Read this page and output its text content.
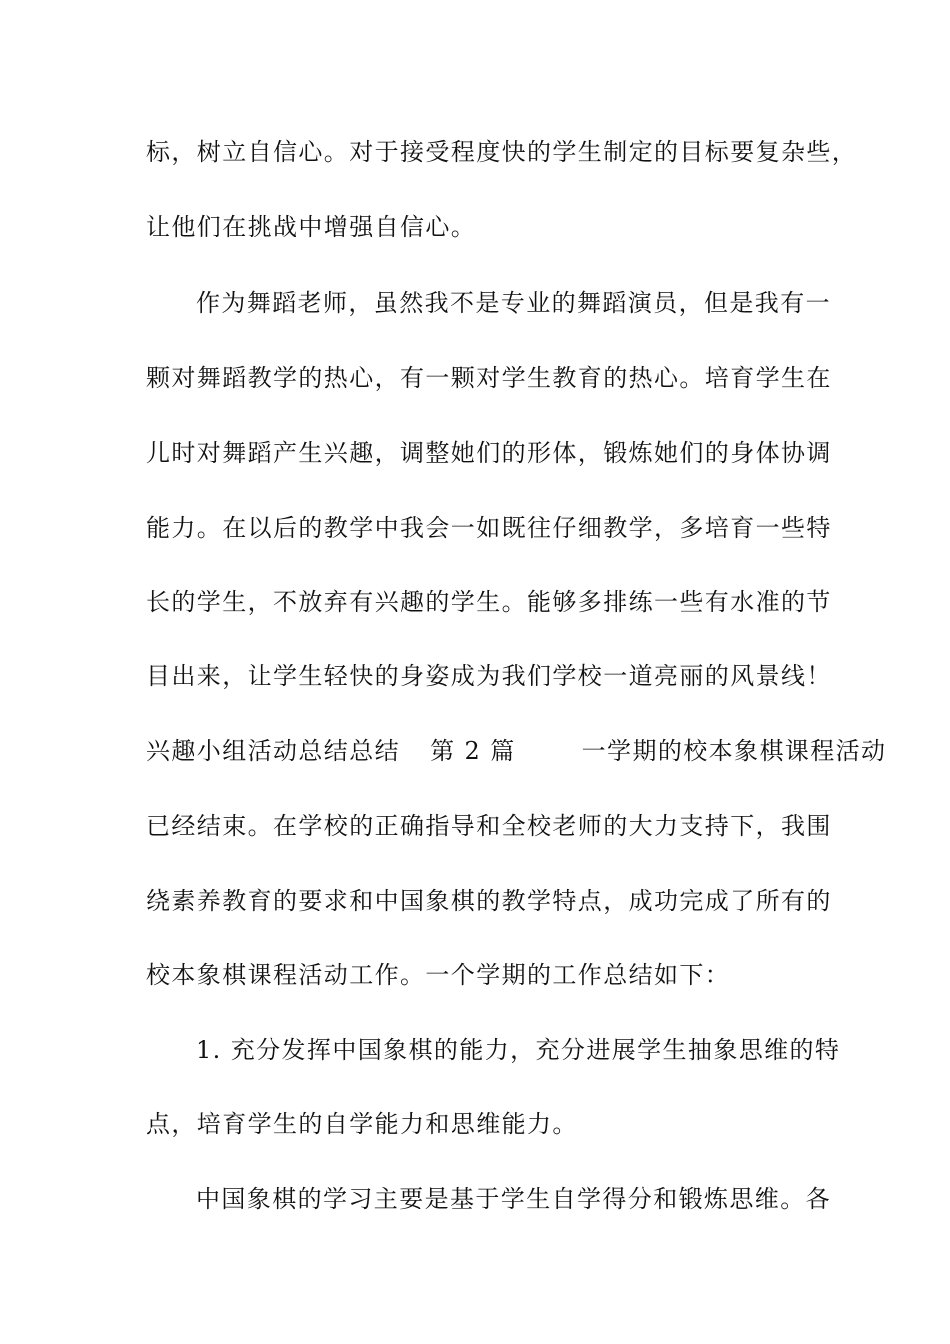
标，树立自信心。对于接受程度快的学生制定的目标要复杂些，
让他们在挑战中增强自信心。
作为舞蹈老师，虽然我不是专业的舞蹈演员，但是我有一
颗对舞蹈教学的热心，有一颗对学生教育的热心。培育学生在
儿时对舞蹈产生兴趣，调整她们的形体，锻炼她们的身体协调
能力。在以后的教学中我会一如既往仔细教学，多培育一些特
长的学生，不放弃有兴趣的学生。能够多排练一些有水准的节
目出来，让学生轻快的身姿成为我们学校一道亮丽的风景线！
兴趣小组活动总结总结 第 2 篇	一学期的校本象棋课程活动
已经结束。在学校的正确指导和全校老师的大力支持下，我围
绕素养教育的要求和中国象棋的教学特点，成功完成了所有的
校本象棋课程活动工作。一个学期的工作总结如下：
1. 充分发挥中国象棋的能力，充分进展学生抽象思维的特
点，培育学生的自学能力和思维能力。
中国象棋的学习主要是基于学生自学得分和锻炼思维。各
